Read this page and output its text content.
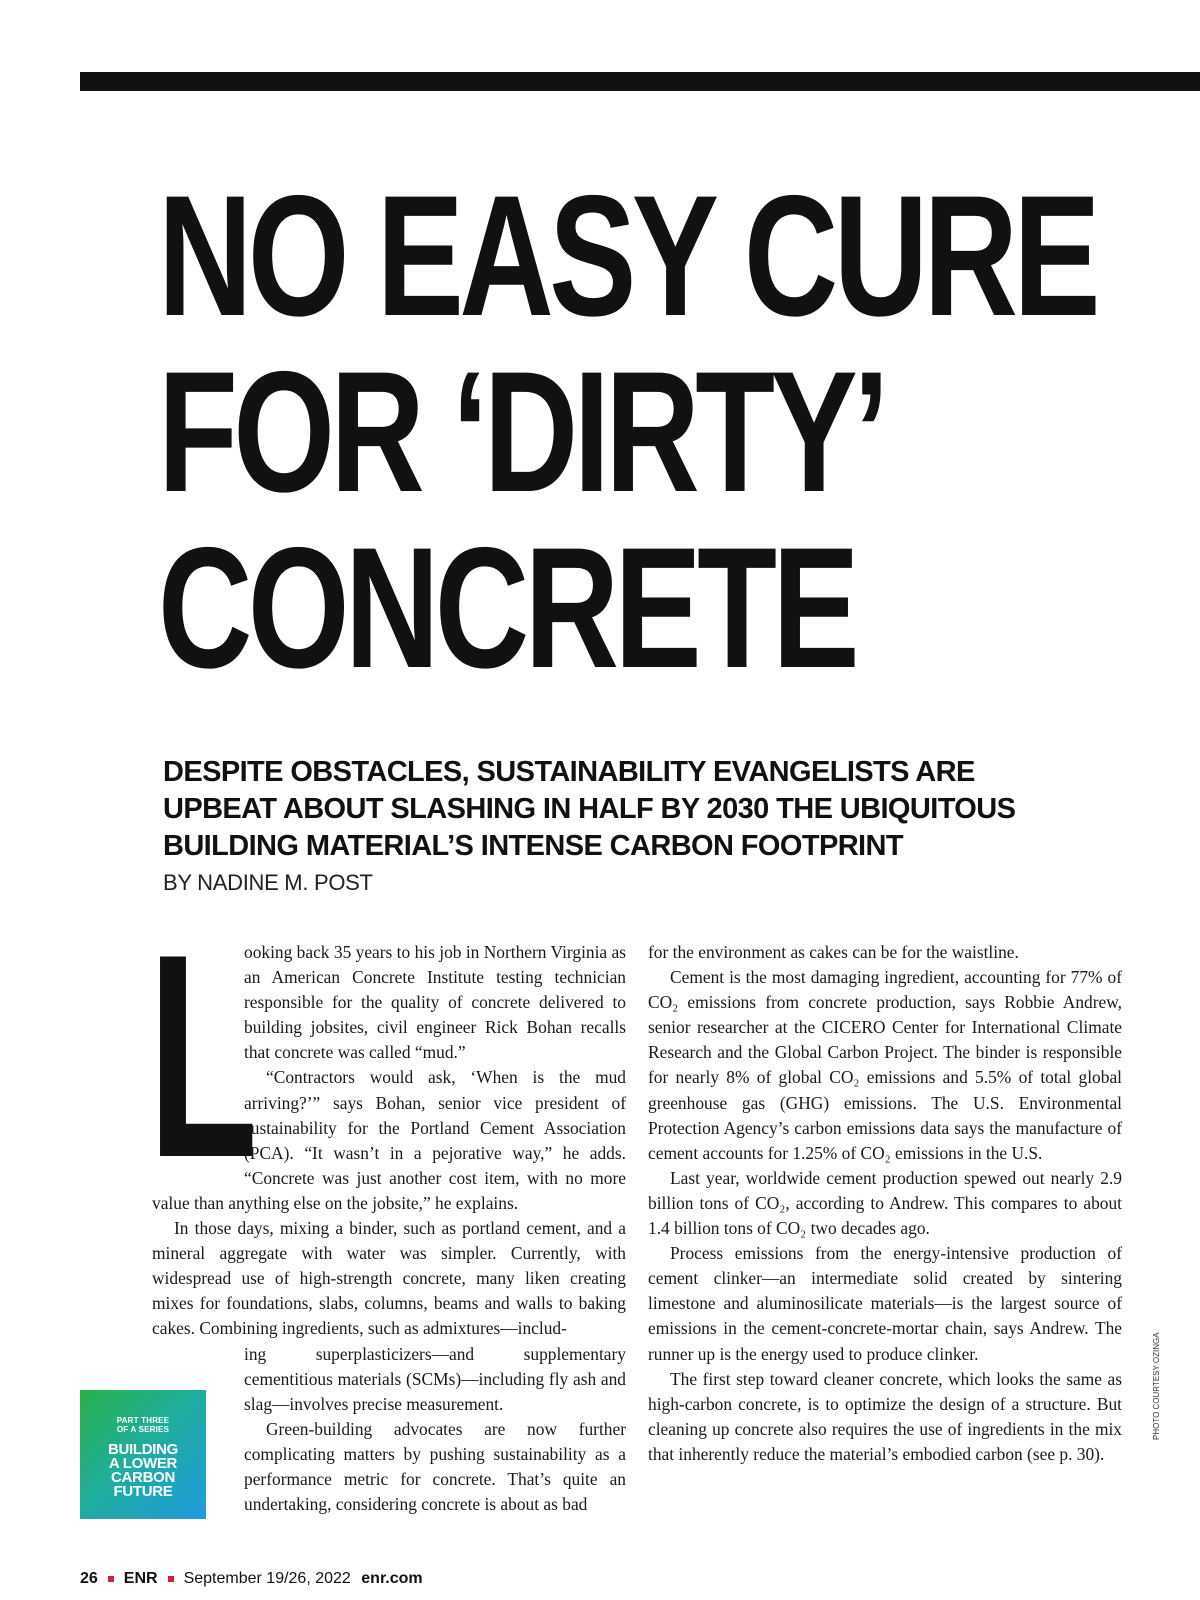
NO EASY CURE
FOR ‘DIRTY’
CONCRETE
DESPITE OBSTACLES, SUSTAINABILITY EVANGELISTS ARE
UPBEAT ABOUT SLASHING IN HALF BY 2030 THE UBIQUITOUS
BUILDING MATERIAL’S INTENSE CARBON FOOTPRINT
BY NADINE M. POST
L

ooking back 35 years to his job in Northern Virginia as an American Concrete Institute testing technician responsible for the quality of concrete delivered to building jobsites, civil engineer Rick Bohan recalls that concrete was called “mud.”

“Contractors would ask, ‘When is the mud arriving?’” says Bohan, senior vice president of sustainability for the Portland Cement Association (PCA). “It wasn’t in a pejorative way,” he adds. “Concrete was just another cost item, with no more value than anything else on the jobsite,” he explains.

In those days, mixing a binder, such as portland cement, and a mineral aggregate with water was simpler. Currently, with widespread use of high-strength concrete, many liken creating mixes for foundations, slabs, columns, beams and walls to baking cakes. Combining ingredients, such as admixtures—includ-

ing superplasticizers—and supplementary cementitious materials (SCMs)—including fly ash and slag—involves precise measurement.

Green-building advocates are now further complicating matters by pushing sustainability as a performance metric for concrete. That’s quite an undertaking, considering concrete is about as bad

for the environment as cakes can be for the waistline.

Cement is the most damaging ingredient, accounting for 77% of CO₂ emissions from concrete production, says Robbie Andrew, senior researcher at the CICERO Center for International Climate Research and the Global Carbon Project. The binder is responsible for nearly 8% of global CO₂ emissions and 5.5% of total global greenhouse gas (GHG) emissions. The U.S. Environmental Protection Agency’s carbon emissions data says the manufacture of cement accounts for 1.25% of CO₂ emissions in the U.S.

Last year, worldwide cement production spewed out nearly 2.9 billion tons of CO₂, according to Andrew. This compares to about 1.4 billion tons of CO₂ two decades ago.

Process emissions from the energy-intensive production of cement clinker—an intermediate solid created by sintering limestone and aluminosilicate materials—is the largest source of emissions in the cement-concrete-mortar chain, says Andrew. The runner up is the energy used to produce clinker.

The first step toward cleaner concrete, which looks the same as high-carbon concrete, is to optimize the design of a structure. But cleaning up concrete also requires the use of ingredients in the mix that inherently reduce the material’s embodied carbon (see p. 30).

PART THREE
OF A SERIES
BUILDING
A LOWER
CARBON
FUTURE
26 ENR September 19/26, 2022 enr.com
PHOTO COURTESY OZINGA
